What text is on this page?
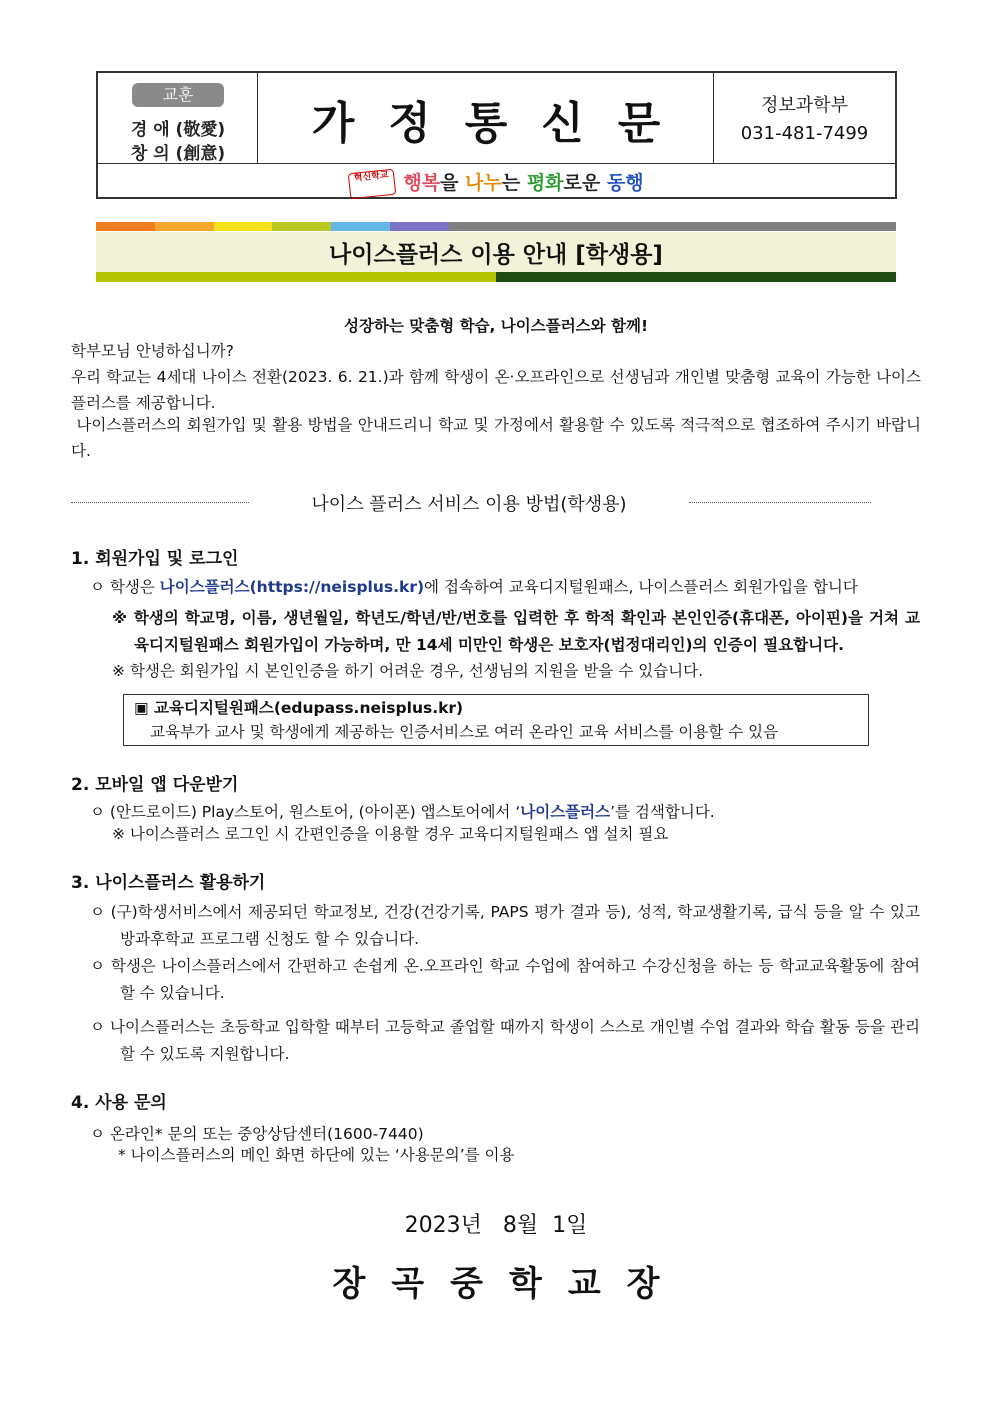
교훈
경 애 (敬愛)
창 의 (創意)
가정통신문	정보과학부
031-481-7499
혁신학교 행복을 나누는 평화로운 동행
나이스플러스 이용 안내 [학생용]
성장하는 맞춤형 학습, 나이스플러스와 함께!
학부모님 안녕하십니까?
우리 학교는 4세대 나이스 전환(2023. 6. 21.)과 함께 학생이 온·오프라인으로 선생님과 개인별 맞춤형 교육이 가능한 나이스플러스를 제공합니다.
나이스플러스의 회원가입 및 활용 방법을 안내드리니 학교 및 가정에서 활용할 수 있도록 적극적으로 협조하여 주시기 바랍니다.
나이스 플러스 서비스 이용 방법(학생용)
1. 회원가입 및 로그인
ㅇ 학생은 나이스플러스(https://neisplus.kr)에 접속하여 교육디지털원패스, 나이스플러스 회원가입을 합니다
※ 학생의 학교명, 이름, 생년월일, 학년도/학년/반/번호를 입력한 후 학적 확인과 본인인증(휴대폰, 아이핀)을 거쳐 교육디지털원패스 회원가입이 가능하며, 만 14세 미만인 학생은 보호자(법정대리인)의 인증이 필요합니다.
※ 학생은 회원가입 시 본인인증을 하기 어려운 경우, 선생님의 지원을 받을 수 있습니다.
▣ 교육디지털원패스(edupass.neisplus.kr)
교육부가 교사 및 학생에게 제공하는 인증서비스로 여러 온라인 교육 서비스를 이용할 수 있음
2. 모바일 앱 다운받기
ㅇ (안드로이드) Play스토어, 원스토어, (아이폰) 앱스토어에서 ‘나이스플러스’를 검색합니다.
※ 나이스플러스 로그인 시 간편인증을 이용할 경우 교육디지털원패스 앱 설치 필요
3. 나이스플러스 활용하기
ㅇ (구)학생서비스에서 제공되던 학교정보, 건강(건강기록, PAPS 평가 결과 등), 성적, 학교생활기록, 급식 등을 알 수 있고 방과후학교 프로그램 신청도 할 수 있습니다.
ㅇ 학생은 나이스플러스에서 간편하고 손쉽게 온.오프라인 학교 수업에 참여하고 수강신청을 하는 등 학교교육활동에 참여할 수 있습니다.
ㅇ 나이스플러스는 초등학교 입학할 때부터 고등학교 졸업할 때까지 학생이 스스로 개인별 수업 결과와 학습 활동 등을 관리할 수 있도록 지원합니다.
4. 사용 문의
ㅇ 온라인* 문의 또는 중앙상담센터(1600-7440)
* 나이스플러스의 메인 화면 하단에 있는 ‘사용문의’를 이용
2023년   8월  1일
장곡중학교장
